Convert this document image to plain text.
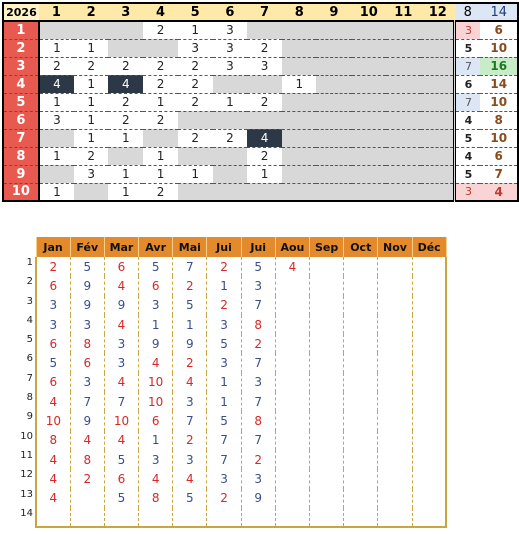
2026	1	2	3	4	5	6	7	8	9	10	11	12	8	14
1				2	1	3							3	6
2	1	1			3	3	2						5	10
3	2	2	2	2	2	3	3						7	16
4	4	1	4	2	2			1					6	14
5	1	1	2	1	2	1	2						7	10
6	3	1	2	2									4	8
7		1	1		2	2	4						5	10
8	1	2		1			2						4	6
9		3	1	1	1		1						5	7
10	1		1	2									3	4
	Jan	Fév	Mar	Avr	Mai	Jui	Jui	Aou	Sep	Oct	Nov	Déc
1	2	5	6	5	7	2	5	4				
2	6	9	4	6	2	1	3					
3	3	9	9	3	5	2	7					
4	3	3	4	1	1	3	8					
5	6	8	3	9	9	5	2					
6	5	6	3	4	2	3	7					
7	6	3	4	10	4	1	3					
8	4	7	7	10	3	1	7					
9	10	9	10	6	7	5	8					
10	8	4	4	1	2	7	7					
11	4	8	5	3	3	7	2					
12	4	2	6	4	4	3	3					
13	4		5	8	5	2	9					
14												
